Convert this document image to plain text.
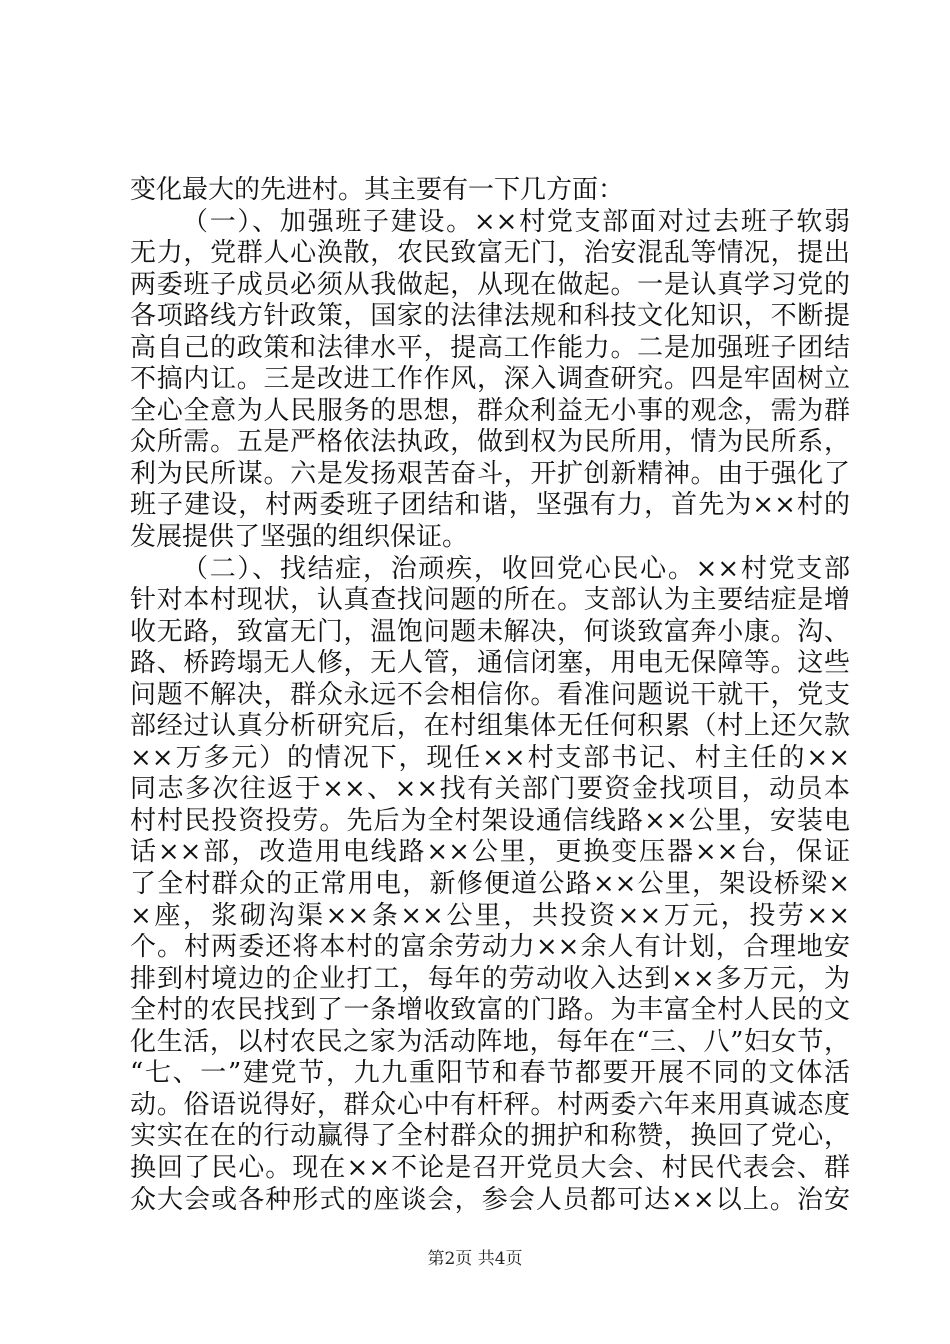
变化最大的先进村。其主要有一下几方面：
（一）、加强班子建设。××村党支部面对过去班子软弱
无力，党群人心涣散，农民致富无门，治安混乱等情况，提出
两委班子成员必须从我做起，从现在做起。一是认真学习党的
各项路线方针政策，国家的法律法规和科技文化知识，不断提
高自己的政策和法律水平，提高工作能力。二是加强班子团结
不搞内讧。三是改进工作作风，深入调查研究。四是牢固树立
全心全意为人民服务的思想，群众利益无小事的观念，需为群
众所需。五是严格依法执政，做到权为民所用，情为民所系，
利为民所谋。六是发扬艰苦奋斗，开扩创新精神。由于强化了
班子建设，村两委班子团结和谐，坚强有力，首先为××村的
发展提供了坚强的组织保证。
（二）、找结症，治顽疾，收回党心民心。××村党支部
针对本村现状，认真查找问题的所在。支部认为主要结症是增
收无路，致富无门，温饱问题未解决，何谈致富奔小康。沟、
路、桥跨塌无人修，无人管，通信闭塞，用电无保障等。这些
问题不解决，群众永远不会相信你。看准问题说干就干，党支
部经过认真分析研究后，在村组集体无任何积累（村上还欠款
××万多元）的情况下，现任××村支部书记、村主任的××
同志多次往返于××、××找有关部门要资金找项目，动员本
村村民投资投劳。先后为全村架设通信线路××公里，安装电
话××部，改造用电线路××公里，更换变压器××台，保证
了全村群众的正常用电，新修便道公路××公里，架设桥梁×
×座，浆砌沟渠××条××公里，共投资××万元，投劳××
个。村两委还将本村的富余劳动力××余人有计划，合理地安
排到村境边的企业打工，每年的劳动收入达到××多万元，为
全村的农民找到了一条增收致富的门路。为丰富全村人民的文
化生活，以村农民之家为活动阵地，每年在“三、八”妇女节，
“七、一”建党节，九九重阳节和春节都要开展不同的文体活
动。俗语说得好，群众心中有杆秤。村两委六年来用真诚态度
实实在在的行动赢得了全村群众的拥护和称赞，换回了党心，
换回了民心。现在××不论是召开党员大会、村民代表会、群
众大会或各种形式的座谈会，参会人员都可达××以上。治安
第2页 共4页
